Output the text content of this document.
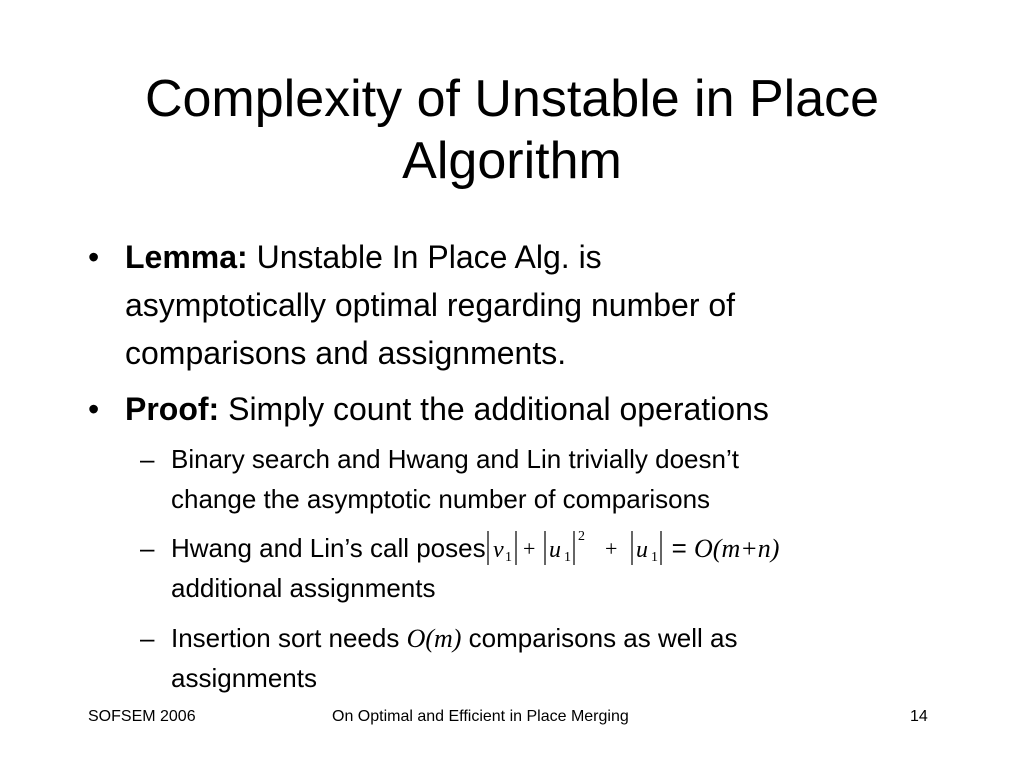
Complexity of Unstable in Place
Algorithm
• Lemma: Unstable In Place Alg. is
asymptotically optimal regarding number of
comparisons and assignments.
• Proof: Simply count the additional operations
– Binary search and Hwang and Lin trivially doesn’t
change the asymptotic number of comparisons
– Hwang and Lin’s call poses v 1 + u 1
2 + u 1 = O(m+n)
additional assignments
– Insertion sort needs O(m) comparisons as well as
assignments
SOFSEM 2006	On Optimal and Efficient in Place Merging	14
